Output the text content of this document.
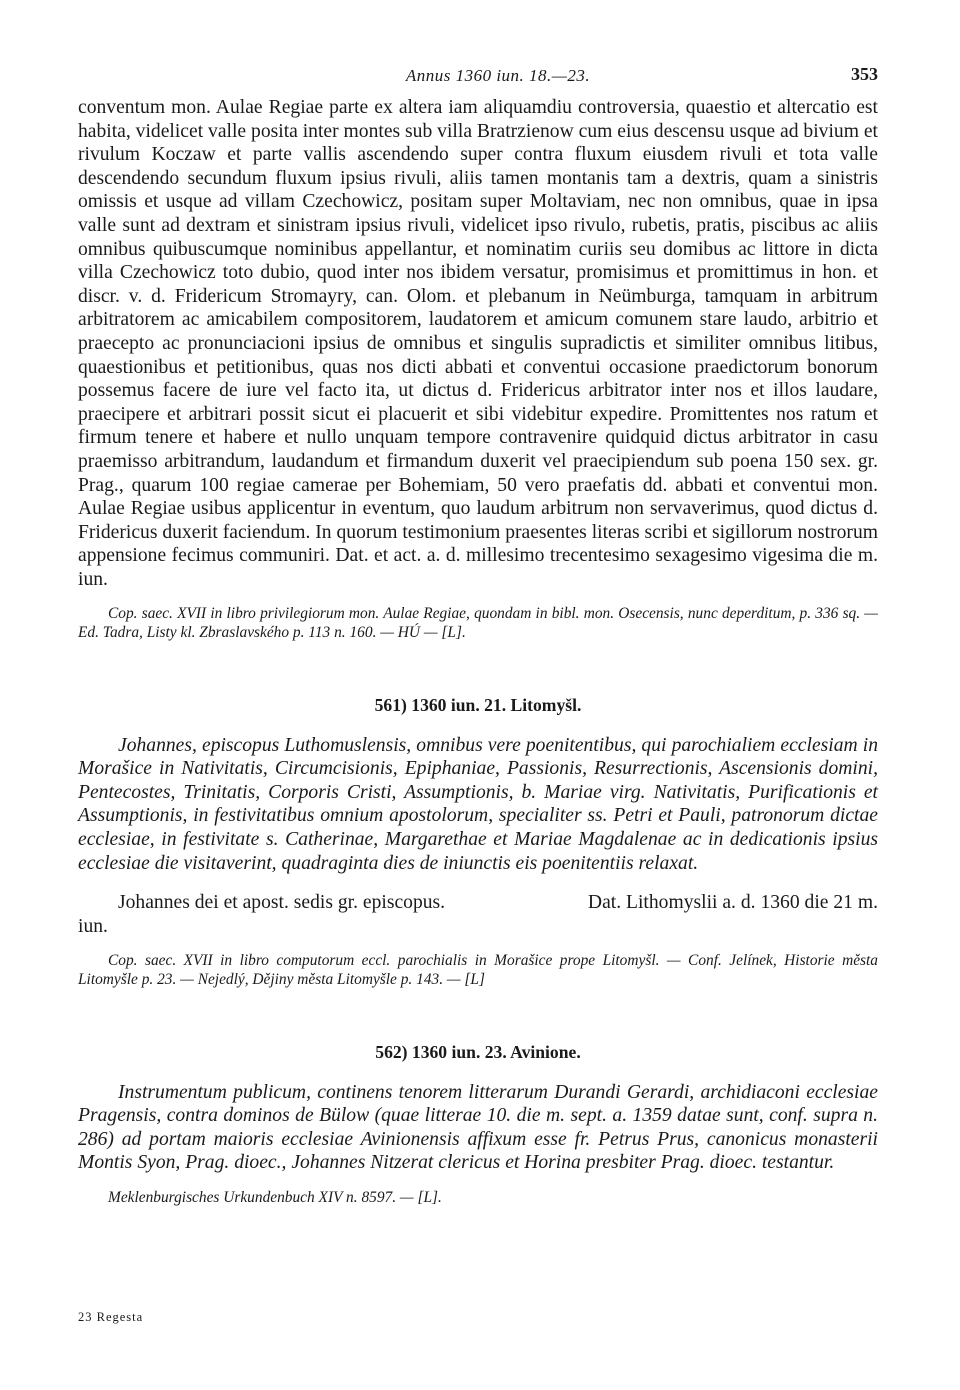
Annus 1360 iun. 18.—23.	353

conventum mon. Aulae Regiae parte ex altera iam aliquamdiu controversia, quaestio et altercatio est habita, videlicet valle posita inter montes sub villa Bratrzienow cum eius descensu usque ad bivium et rivulum Koczaw et parte vallis ascendendo super contra fluxum eiusdem rivuli et tota valle descendendo secundum fluxum ipsius rivuli, aliis tamen montanis tam a dextris, quam a sinistris omissis et usque ad villam Czechowicz, positam super Moltaviam, nec non omnibus, quae in ipsa valle sunt ad dextram et sinistram ipsius rivuli, videlicet ipso rivulo, rubetis, pratis, piscibus ac aliis omnibus quibuscumque nominibus appellantur, et nominatim curiis seu domibus ac littore in dicta villa Czechowicz toto dubio, quod inter nos ibidem versatur, promisimus et promittimus in hon. et discr. v. d. Fridericum Stromayry, can. Olom. et plebanum in Neümburga, tamquam in arbitrum arbitratorem ac amicabilem compositorem, laudatorem et amicum comunem stare laudo, arbitrio et praecepto ac pronunciacioni ipsius de omnibus et singulis supradictis et similiter omnibus litibus, quaestionibus et petitionibus, quas nos dicti abbati et conventui occasione praedictorum bonorum possemus facere de iure vel facto ita, ut dictus d. Fridericus arbitrator inter nos et illos laudare, praecipere et arbitrari possit sicut ei placuerit et sibi videbitur expedire. Promittentes nos ratum et firmum tenere et habere et nullo unquam tempore contravenire quidquid dictus arbitrator in casu praemisso arbitrandum, laudandum et firmandum duxerit vel praecipiendum sub poena 150 sex. gr. Prag., quarum 100 regiae camerae per Bohemiam, 50 vero praefatis dd. abbati et conventui mon. Aulae Regiae usibus applicentur in eventum, quo laudum arbitrum non servaverimus, quod dictus d. Fridericus duxerit faciendum. In quorum testimonium praesentes literas scribi et sigillorum nostrorum appensione fecimus communiri. Dat. et act. a. d. millesimo trecentesimo sexagesimo vigesima die m. iun.

Cop. saec. XVII in libro privilegiorum mon. Aulae Regiae, quondam in bibl. mon. Osecensis, nunc deperditum, p. 336 sq. — Ed. Tadra, Listy kl. Zbraslavského p. 113 n. 160. — HÚ — [L].

561) 1360 iun. 21. Litomyšl.

Johannes, episcopus Luthomuslensis, omnibus vere poenitentibus, qui parochialiem ecclesiam in Morašice in Nativitatis, Circumcisionis, Epiphaniae, Passionis, Resurrectionis, Ascensionis domini, Pentecostes, Trinitatis, Corporis Cristi, Assumptionis, b. Mariae virg. Nativitatis, Purificationis et Assumptionis, in festivitatibus omnium apostolorum, specialiter ss. Petri et Pauli, patronorum dictae ecclesiae, in festivitate s. Catherinae, Margarethae et Mariae Magdalenae ac in dedicationis ipsius ecclesiae die visitaverint, quadraginta dies de iniunctis eis poenitentiis relaxat.

Johannes dei et apost. sedis gr. episcopus.	Dat. Lithomyslii a. d. 1360 die 21 m.
iun.

Cop. saec. XVII in libro computorum eccl. parochialis in Morašice prope Litomyšl. — Conf. Jelínek, Historie města Litomyšle p. 23. — Nejedlý, Dějiny města Litomyšle p. 143. — [L]

562) 1360 iun. 23. Avinione.

Instrumentum publicum, continens tenorem litterarum Durandi Gerardi, archidiaconi ecclesiae Pragensis, contra dominos de Bülow (quae litterae 10. die m. sept. a. 1359 datae sunt, conf. supra n. 286) ad portam maioris ecclesiae Avinionensis affixum esse fr. Petrus Prus, canonicus monasterii Montis Syon, Prag. dioec., Johannes Nitzerat clericus et Horina presbiter Prag. dioec. testantur.

Meklenburgisches Urkundenbuch XIV n. 8597. — [L].

23 Regesta
